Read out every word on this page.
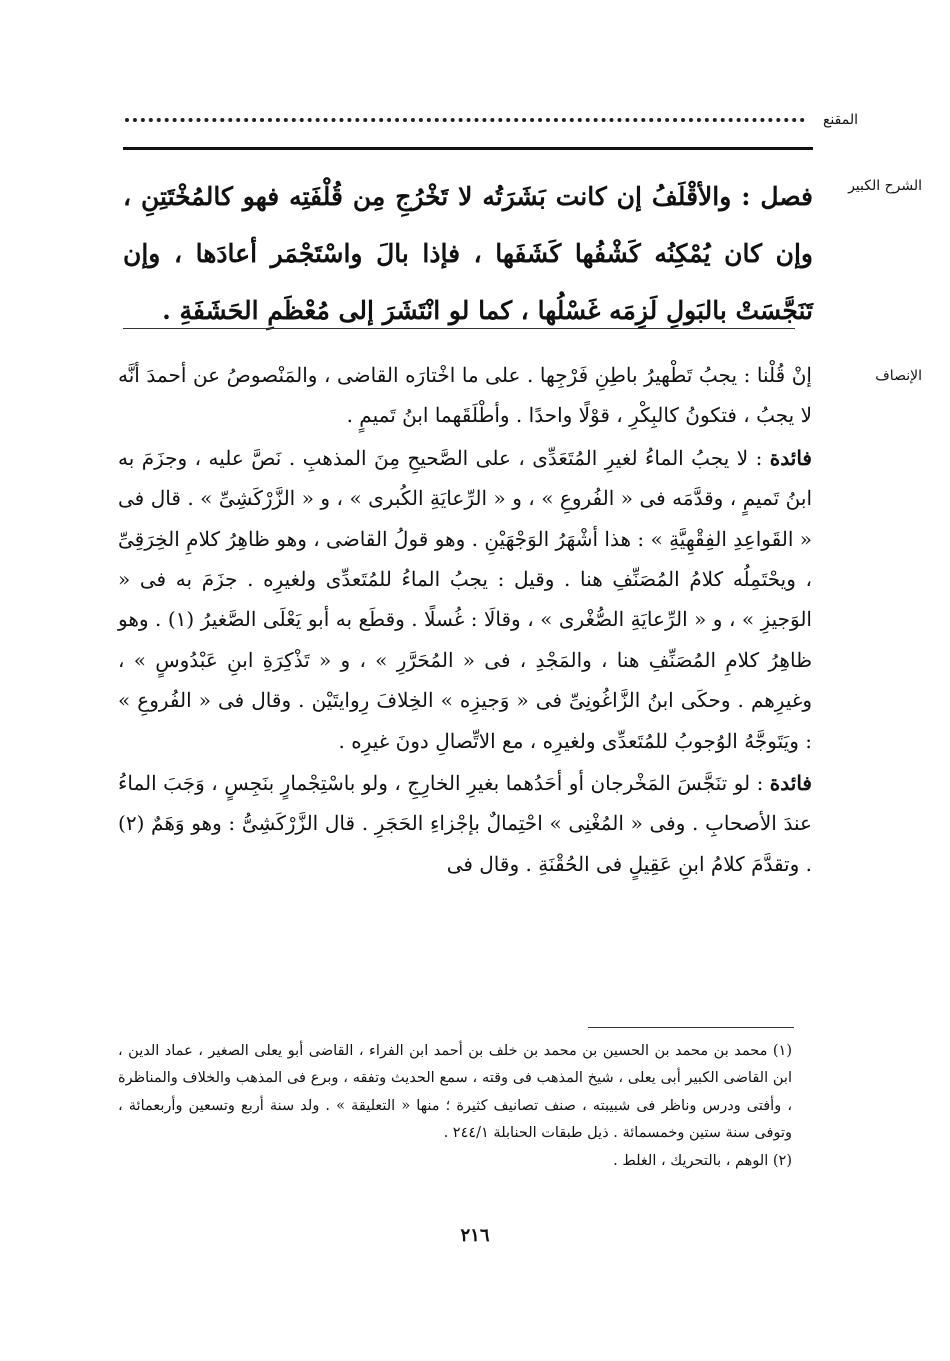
المقنع
الشرح الكبير

فصل : والأقْلَفُ إن كانت بَشَرَتُه لا تَخْرُجِ مِن قُلْفَتِه فهو كالمُخْتَتِنِ ، وإن كان يُمْكِنُه كَشْفُها كَشَفَها ، فإذا بالَ واسْتَجْمَر أعادَها ، وإن تَنَجَّسَتْ بالبَولِ لَزِمَه غَسْلُها ، كما لو انْتَشَرَ إلى مُعْظَمِ الحَشَفَةِ .

الإنصاف

إنْ قُلْنا : يجبُ تَطْهيرُ باطِنِ فَرْجِها . على ما اخْتارَه القاضى ، والمَنْصوصُ عن أحمدَ أنَّه لا يجبُ ، فتكونُ كالبِكْرِ ، قوْلًا واحدًا . وأطْلَقَهما ابنُ تَميمٍ .

فائدة : لا يجبُ الماءُ لغيرِ المُتَعَدِّى ، على الصَّحيحِ مِنَ المذهبِ . نَصَّ عليه ، وجزَمَ به ابنُ تَميمٍ ، وقدَّمَه فى « الفُروعِ » ، و « الرِّعايَةِ الكُبرى » ، و « الزَّرْكَشِىِّ » . قال فى « القَواعِدِ الفِقْهِيَّةِ » : هذا أشْهَرُ الوَجْهَيْنِ . وهو قولُ القاضى ، وهو ظاهِرُ كلامِ الخِرَقِىِّ ، ويحْتَمِلُه كلامُ المُصَنِّفِ هنا . وقيل : يجبُ الماءُ للمُتَعدِّى ولغيرِه . جزَمَ به فى « الوَجيزِ » ، و « الرِّعايَةِ الصُّغْرى » ، وقالَا : غُسلًا . وقطَع به أبو يَعْلَى الصَّغيرُ (١) . وهو ظاهِرُ كلامِ المُصَنِّفِ هنا ، والمَجْدِ ، فى « المُحَرَّرِ » ، و « تَذْكِرَةِ ابنِ عَبْدُوسٍ » ، وغيرِهم . وحكَى ابنُ الزَّاغُونِىِّ فى « وَجيزِه » الخِلافَ رِوايتَيْن . وقال فى « الفُروعِ » : ويَتَوجَّهُ الوُجوبُ للمُتَعدِّى ولغيرِه ، مع الاتِّصالِ دونَ غيرِه .

فائدة : لو تنَجَّسَ المَخْرجان أو أحَدُهما بغيرِ الخارِجِ ، ولو باسْتِجْمارٍ بنَجِسٍ ، وَجَبَ الماءُ عندَ الأصحابِ . وفى « المُغْنِى » احْتِمالٌ بإجْزاءِ الحَجَرِ . قال الزَّرْكَشِىُّ : وهو وَهَمٌ (٢) . وتقدَّمَ كلامُ ابنِ عَقِيلٍ فى الحُقْنَةِ . وقال فى

(١) محمد بن محمد بن الحسين بن محمد بن خلف بن أحمد ابن الفراء ، القاضى أبو يعلى الصغير ، عماد الدين ، ابن القاضى الكبير أبى يعلى ، شيخ المذهب فى وقته ، سمع الحديث وتفقه ، وبرع فى المذهب والخلاف والمناظرة ، وأفتى ودرس وناظر فى شبيبته ، صنف تصانيف كثيرة ؛ منها « التعليقة » . ولد سنة أربع وتسعين وأربعمائة ، وتوفى سنة ستين وخمسمائة . ذيل طبقات الحنابلة ٢٤٤/١ .

(٢) الوهم ، بالتحريك ، الغلط .

٢١٦
